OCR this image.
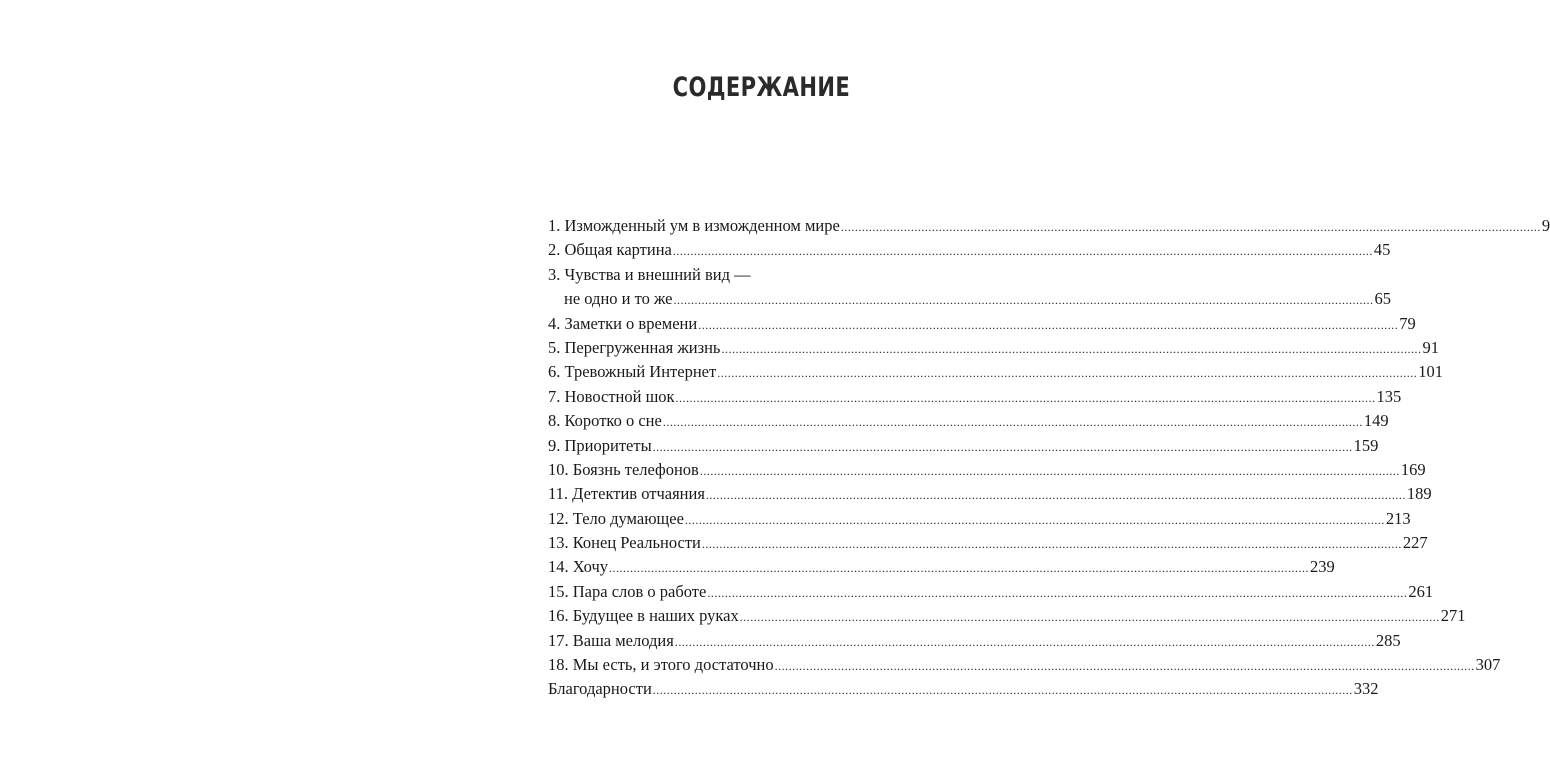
СОДЕРЖАНИЕ
1. Изможденный ум в изможденном мире ........................................................................................................................................................................................................ 9
2. Общая картина ........................................................................................................................................................................................................ 45
3. Чувства и внешний вид —
не одно и то же ........................................................................................................................................................................................................ 65
4. Заметки о времени ........................................................................................................................................................................................................ 79
5. Перегруженная жизнь ........................................................................................................................................................................................................ 91
6. Тревожный Интернет ........................................................................................................................................................................................................ 101
7. Новостной шок ........................................................................................................................................................................................................ 135
8. Коротко о сне ........................................................................................................................................................................................................ 149
9. Приоритеты ........................................................................................................................................................................................................ 159
10. Боязнь телефонов ........................................................................................................................................................................................................ 169
11. Детектив отчаяния ........................................................................................................................................................................................................ 189
12. Тело думающее ........................................................................................................................................................................................................ 213
13. Конец Реальности ........................................................................................................................................................................................................ 227
14. Хочу ........................................................................................................................................................................................................ 239
15. Пара слов о работе ........................................................................................................................................................................................................ 261
16. Будущее в наших руках ........................................................................................................................................................................................................ 271
17. Ваша мелодия ........................................................................................................................................................................................................ 285
18. Мы есть, и этого достаточно ........................................................................................................................................................................................................ 307
Благодарности ........................................................................................................................................................................................................ 332
